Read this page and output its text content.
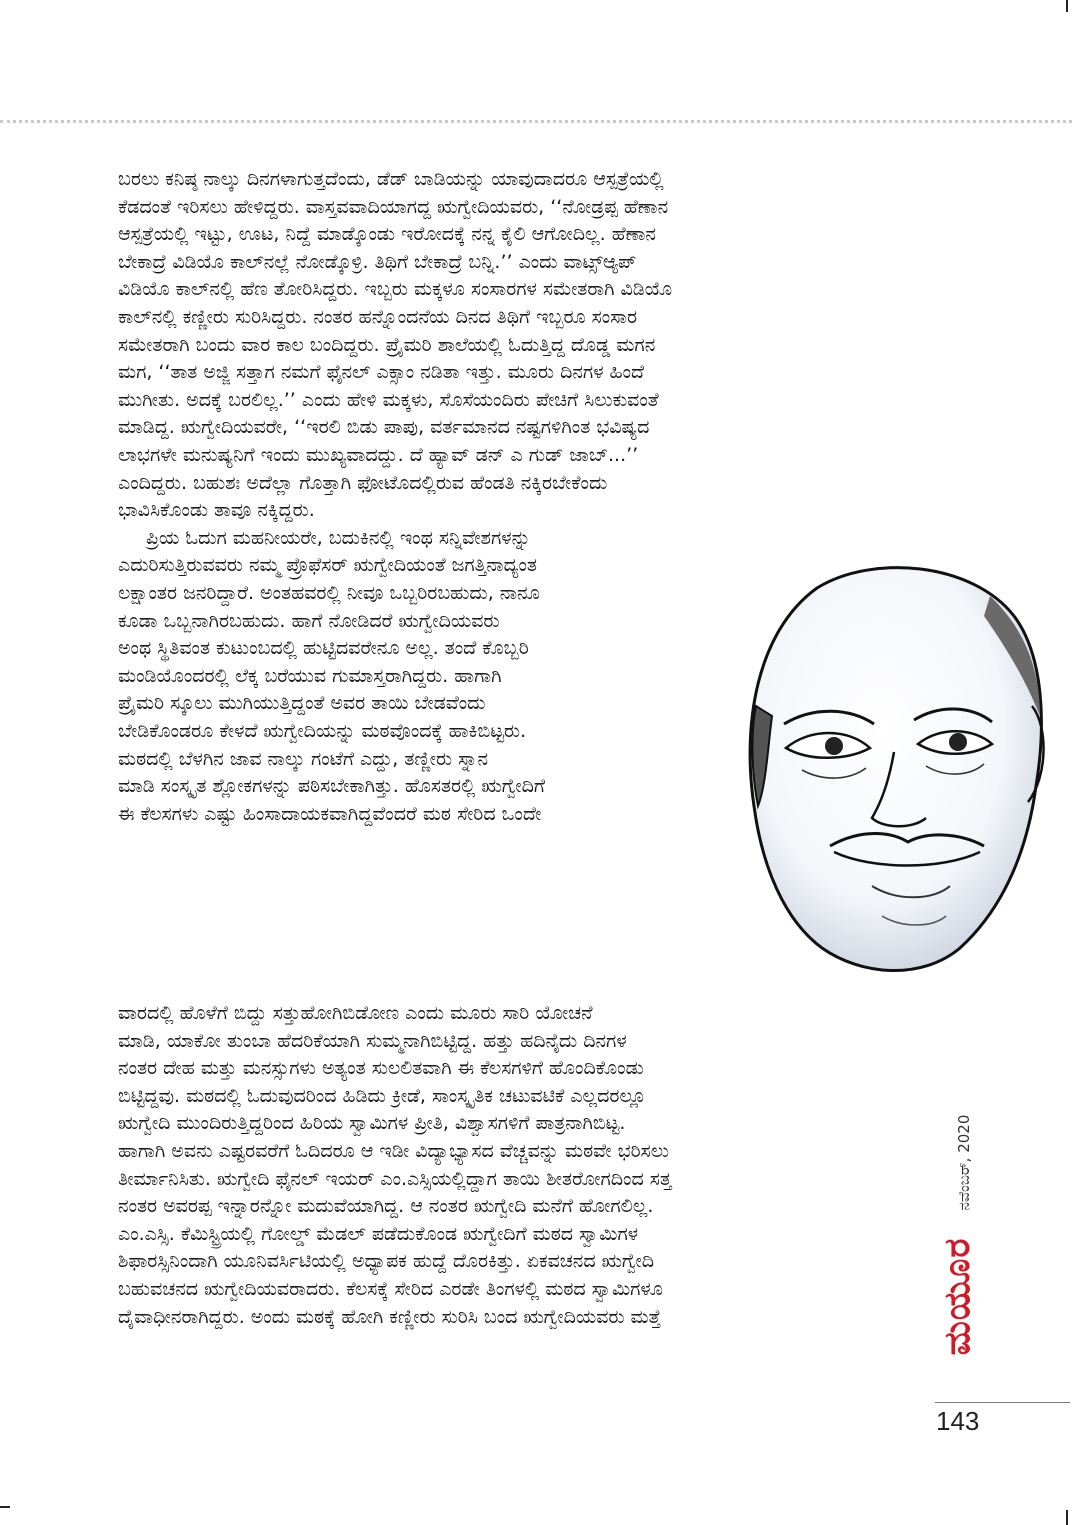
ಬರಲು ಕನಿಷ್ಠ ನಾಲ್ಕು ದಿನಗಳಾಗುತ್ತದೆಂದು, ಡೆಡ್ ಬಾಡಿಯನ್ನು ಯಾವುದಾದರೂ ಆಸ್ಪತ್ರೆಯಲ್ಲಿ
ಕೆಡದಂತೆ ಇರಿಸಲು ಹೇಳಿದ್ದರು. ವಾಸ್ತವವಾದಿಯಾಗದ್ದ ಋಗ್ವೇದಿಯವರು, ‘‘ನೋಡ್ರಪ್ಪ ಹೆಣಾನ
ಆಸ್ಪತ್ರೆಯಲ್ಲಿ ಇಟ್ಟು, ಊಟ, ನಿದ್ದೆ ಮಾಡ್ಕೊಂಡು ಇರೋದಕ್ಕೆ ನನ್ನ ಕೈಲಿ ಆಗೋದಿಲ್ಲ. ಹೆಣಾನ
ಬೇಕಾದ್ರೆ ವಿಡಿಯೊ ಕಾಲ್‌ನಲ್ಲೆ ನೋಡ್ಕೊಳ್ರಿ. ತಿಥಿಗೆ ಬೇಕಾದ್ರೆ ಬನ್ನಿ.’’ ಎಂದು ವಾಟ್ಸ್‌ಆ್ಯಪ್
ವಿಡಿಯೊ ಕಾಲ್‌ನಲ್ಲಿ ಹೆಣ ತೋರಿಸಿದ್ದರು. ಇಬ್ಬರು ಮಕ್ಕಳೂ ಸಂಸಾರಗಳ ಸಮೇತರಾಗಿ ವಿಡಿಯೊ
ಕಾಲ್‌ನಲ್ಲಿ ಕಣ್ಣೀರು ಸುರಿಸಿದ್ದರು. ನಂತರ ಹನ್ನೊಂದನೆಯ ದಿನದ ತಿಥಿಗೆ ಇಬ್ಬರೂ ಸಂಸಾರ
ಸಮೇತರಾಗಿ ಬಂದು ವಾರ ಕಾಲ ಬಂದಿದ್ದರು. ಪ್ರೈಮರಿ ಶಾಲೆಯಲ್ಲಿ ಓದುತ್ತಿದ್ದ ದೊಡ್ಡ ಮಗನ
ಮಗ, ‘‘ತಾತ ಅಜ್ಜಿ ಸತ್ತಾಗ ನಮಗೆ ಫೈನಲ್ ಎಕ್ಸಾಂ ನಡಿತಾ ಇತ್ತು. ಮೂರು ದಿನಗಳ ಹಿಂದೆ
ಮುಗೀತು. ಅದಕ್ಕೆ ಬರಲಿಲ್ಲ.’’ ಎಂದು ಹೇಳಿ ಮಕ್ಕಳು, ಸೊಸೆಯಂದಿರು ಪೇಚಿಗೆ ಸಿಲುಕುವಂತೆ
ಮಾಡಿದ್ದ. ಋಗ್ವೇದಿಯವರೇ, ‘‘ಇರಲಿ ಬಿಡು ಪಾಪು, ವರ್ತಮಾನದ ನಷ್ಟಗಳಿಗಿಂತ ಭವಿಷ್ಯದ
ಲಾಭಗಳೇ ಮನುಷ್ಯನಿಗೆ ಇಂದು ಮುಖ್ಯವಾದದ್ದು. ದೆ ಹ್ಯಾವ್ ಡನ್ ಎ ಗುಡ್ ಜಾಬ್...’’
ಎಂದಿದ್ದರು. ಬಹುಶಃ ಅದೆಲ್ಲಾ ಗೊತ್ತಾಗಿ ಫೋಟೊದಲ್ಲಿರುವ ಹೆಂಡತಿ ನಕ್ಕಿರಬೇಕೆಂದು
ಭಾವಿಸಿಕೊಂಡು ತಾವೂ ನಕ್ಕಿದ್ದರು.
ಪ್ರಿಯ ಓದುಗ ಮಹನೀಯರೇ, ಬದುಕಿನಲ್ಲಿ ಇಂಥ ಸನ್ನಿವೇಶಗಳನ್ನು
ಎದುರಿಸುತ್ತಿರುವವರು ನಮ್ಮ ಪ್ರೊಫೆಸರ್ ಋಗ್ವೇದಿಯಂತೆ ಜಗತ್ತಿನಾದ್ಯಂತ
ಲಕ್ಷಾಂತರ ಜನರಿದ್ದಾರೆ. ಅಂತಹವರಲ್ಲಿ ನೀವೂ ಒಬ್ಬರಿರಬಹುದು, ನಾನೂ
ಕೂಡಾ ಒಬ್ಬನಾಗಿರಬಹುದು. ಹಾಗೆ ನೋಡಿದರೆ ಋಗ್ವೇದಿಯವರು
ಅಂಥ ಸ್ಥಿತಿವಂತ ಕುಟುಂಬದಲ್ಲಿ ಹುಟ್ಟಿದವರೇನೂ ಅಲ್ಲ. ತಂದೆ ಕೊಬ್ಬರಿ
ಮಂಡಿಯೊಂದರಲ್ಲಿ ಲೆಕ್ಕ ಬರೆಯುವ ಗುಮಾಸ್ತರಾಗಿದ್ದರು. ಹಾಗಾಗಿ
ಪ್ರೈಮರಿ ಸ್ಕೂಲು ಮುಗಿಯುತ್ತಿದ್ದಂತೆ ಅವರ ತಾಯಿ ಬೇಡವೆಂದು
ಬೇಡಿಕೊಂಡರೂ ಕೇಳದೆ ಋಗ್ವೇದಿಯನ್ನು ಮಠವೊಂದಕ್ಕೆ ಹಾಕಿಬಿಟ್ಟರು.
ಮಠದಲ್ಲಿ ಬೆಳಗಿನ ಜಾವ ನಾಲ್ಕು ಗಂಟೆಗೆ ಎದ್ದು, ತಣ್ಣೀರು ಸ್ನಾನ
ಮಾಡಿ ಸಂಸ್ಕೃತ ಶ್ಲೋಕಗಳನ್ನು ಪಠಿಸಬೇಕಾಗಿತ್ತು. ಹೊಸತರಲ್ಲಿ ಋಗ್ವೇದಿಗೆ
ಈ ಕೆಲಸಗಳು ಎಷ್ಟು ಹಿಂಸಾದಾಯಕವಾಗಿದ್ದವೆಂದರೆ ಮಠ ಸೇರಿದ ಒಂದೇ
ವಾರದಲ್ಲಿ ಹೊಳೆಗೆ ಬಿದ್ದು ಸತ್ತುಹೋಗಿಬಿಡೋಣ ಎಂದು ಮೂರು ಸಾರಿ ಯೋಚನೆ
ಮಾಡಿ, ಯಾಕೋ ತುಂಬಾ ಹೆದರಿಕೆಯಾಗಿ ಸುಮ್ಮನಾಗಿಬಿಟ್ಟಿದ್ದ. ಹತ್ತು ಹದಿನೈದು ದಿನಗಳ
ನಂತರ ದೇಹ ಮತ್ತು ಮನಸ್ಸುಗಳು ಅತ್ಯಂತ ಸುಲಲಿತವಾಗಿ ಈ ಕೆಲಸಗಳಿಗೆ ಹೊಂದಿಕೊಂಡು
ಬಿಟ್ಟಿದ್ದವು. ಮಠದಲ್ಲಿ ಓದುವುದರಿಂದ ಹಿಡಿದು ಕ್ರೀಡೆ, ಸಾಂಸ್ಕೃತಿಕ ಚಟುವಟಿಕೆ ಎಲ್ಲದರಲ್ಲೂ
ಋಗ್ವೇದಿ ಮುಂದಿರುತ್ತಿದ್ದರಿಂದ ಹಿರಿಯ ಸ್ವಾಮಿಗಳ ಪ್ರೀತಿ, ವಿಶ್ವಾಸಗಳಿಗೆ ಪಾತ್ರನಾಗಿಬಿಟ್ಟ.
ಹಾಗಾಗಿ ಅವನು ಎಷ್ಟರವರೆಗೆ ಓದಿದರೂ ಆ ಇಡೀ ವಿದ್ಯಾಭ್ಯಾಸದ ವೆಚ್ಚವನ್ನು ಮಠವೇ ಭರಿಸಲು
ತೀರ್ಮಾನಿಸಿತು. ಋಗ್ವೇದಿ ಫೈನಲ್ ಇಯರ್ ಎಂ.ಎಸ್ಸಿಯಲ್ಲಿದ್ದಾಗ ತಾಯಿ ಶೀತರೋಗದಿಂದ ಸತ್ತ
ನಂತರ ಅವರಪ್ಪ ಇನ್ನಾರನ್ನೋ ಮದುವೆಯಾಗಿದ್ದ. ಆ ನಂತರ ಋಗ್ವೇದಿ ಮನೆಗೆ ಹೋಗಲಿಲ್ಲ.
ಎಂ.ಎಸ್ಸಿ. ಕೆಮಿಸ್ಟ್ರಿಯಲ್ಲಿ ಗೋಲ್ಡ್ ಮೆಡಲ್ ಪಡೆದುಕೊಂಡ ಋಗ್ವೇದಿಗೆ ಮಠದ ಸ್ವಾಮಿಗಳ
ಶಿಫಾರಸ್ಸಿನಿಂದಾಗಿ ಯೂನಿವರ್ಸಿಟಿಯಲ್ಲಿ ಅಧ್ಯಾಪಕ ಹುದ್ದೆ ದೊರಕಿತ್ತು. ಏಕವಚನದ ಋಗ್ವೇದಿ
ಬಹುವಚನದ ಋಗ್ವೇದಿಯವರಾದರು. ಕೆಲಸಕ್ಕೆ ಸೇರಿದ ಎರಡೇ ತಿಂಗಳಲ್ಲಿ ಮಠದ ಸ್ವಾಮಿಗಳೂ
ದೈವಾಧೀನರಾಗಿದ್ದರು. ಅಂದು ಮಠಕ್ಕೆ ಹೋಗಿ ಕಣ್ಣೀರು ಸುರಿಸಿ ಬಂದ ಋಗ್ವೇದಿಯವರು ಮತ್ತೆ	ಮಯೂರ ನವೆಂಬರ್, 2020
143
